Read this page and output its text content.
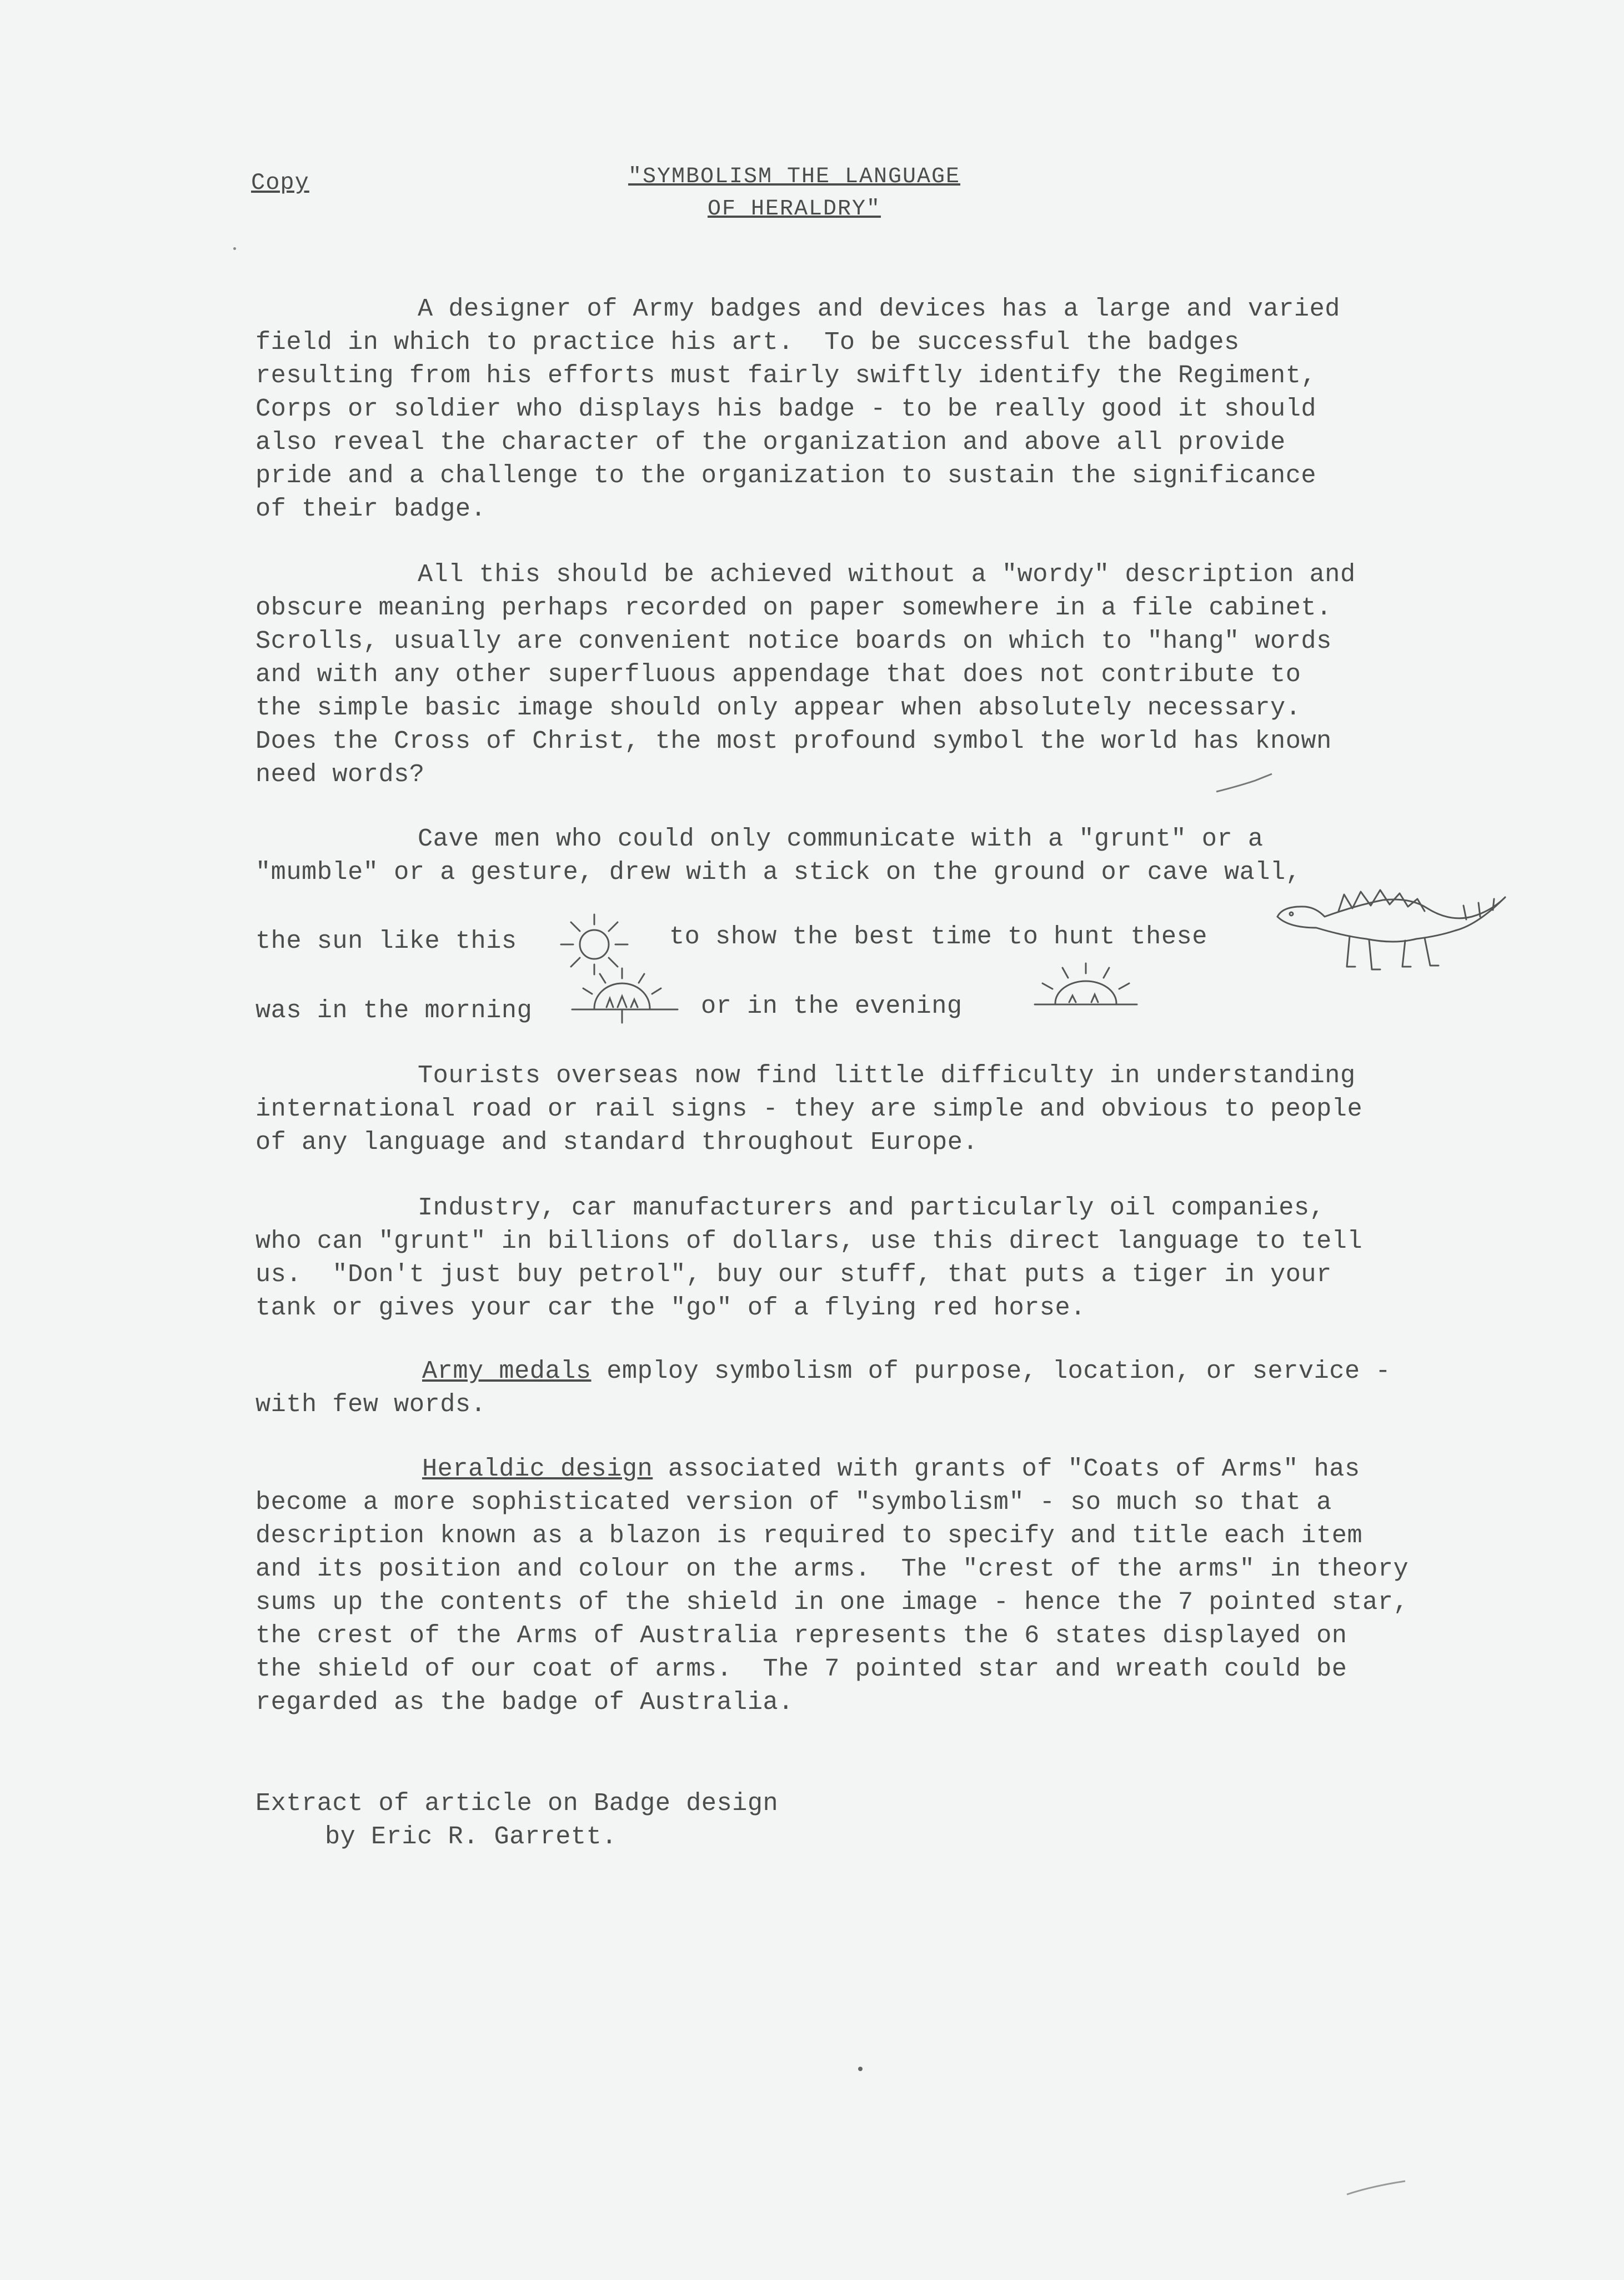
Copy	"SYMBOLISM THE LANGUAGE
OF HERALDRY"
A designer of Army badges and devices has a large and varied
field in which to practice his art.  To be successful the badges
resulting from his efforts must fairly swiftly identify the Regiment,
Corps or soldier who displays his badge - to be really good it should
also reveal the character of the organization and above all provide
pride and a challenge to the organization to sustain the significance
of their badge.
All this should be achieved without a "wordy" description and
obscure meaning perhaps recorded on paper somewhere in a file cabinet.
Scrolls, usually are convenient notice boards on which to "hang" words
and with any other superfluous appendage that does not contribute to
the simple basic image should only appear when absolutely necessary.
Does the Cross of Christ, the most profound symbol the world has known
need words?
Cave men who could only communicate with a "grunt" or a
"mumble" or a gesture, drew with a stick on the ground or cave wall,
the sun like this	to show the best time to hunt these
was in the morning	or in the evening
Tourists overseas now find little difficulty in understanding
international road or rail signs - they are simple and obvious to people
of any language and standard throughout Europe.
Industry, car manufacturers and particularly oil companies,
who can "grunt" in billions of dollars, use this direct language to tell
us.  "Don't just buy petrol", buy our stuff, that puts a tiger in your
tank or gives your car the "go" of a flying red horse.
Army medals employ symbolism of purpose, location, or service -
with few words.
Heraldic design associated with grants of "Coats of Arms" has
become a more sophisticated version of "symbolism" - so much so that a
description known as a blazon is required to specify and title each item
and its position and colour on the arms.  The "crest of the arms" in theory
sums up the contents of the shield in one image - hence the 7 pointed star,
the crest of the Arms of Australia represents the 6 states displayed on
the shield of our coat of arms.  The 7 pointed star and wreath could be
regarded as the badge of Australia.
Extract of article on Badge design
by Eric R. Garrett.
